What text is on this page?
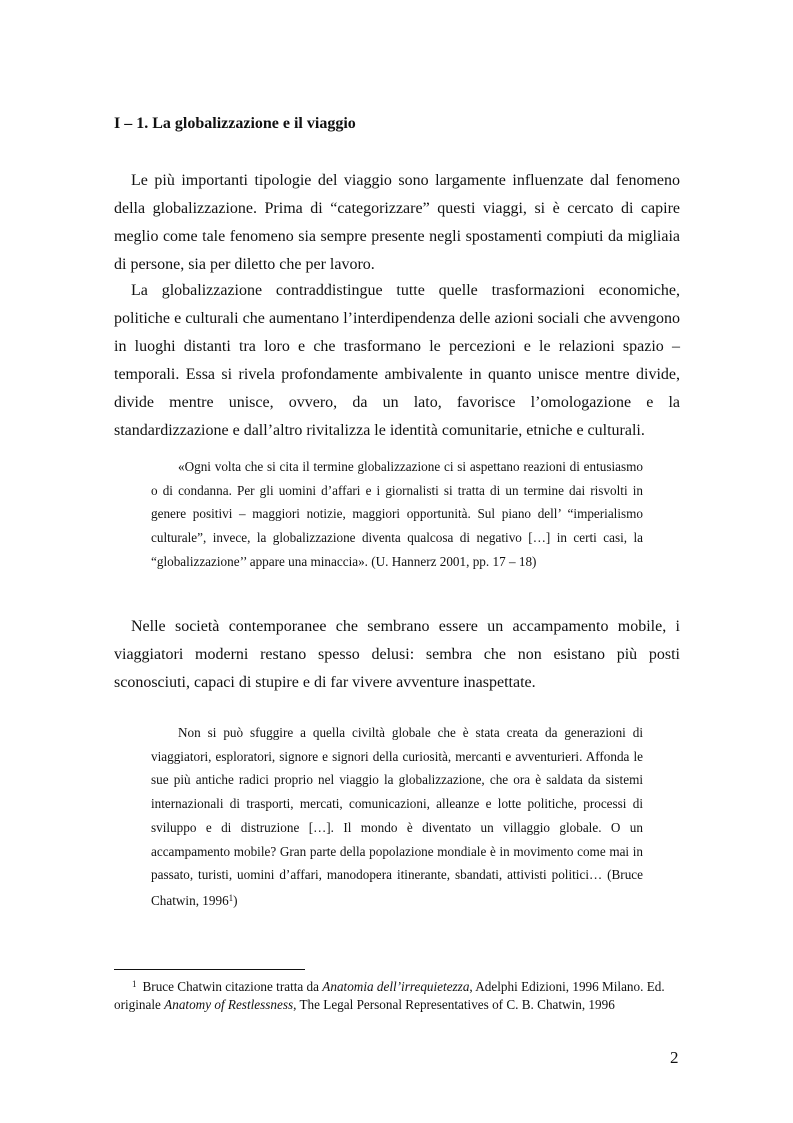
I – 1. La globalizzazione e il viaggio

Le più importanti tipologie del viaggio sono largamente influenzate dal fenomeno della globalizzazione. Prima di “categorizzare” questi viaggi, si è cercato di capire meglio come tale fenomeno sia sempre presente negli spostamenti compiuti da migliaia di persone, sia per diletto che per lavoro.

La globalizzazione contraddistingue tutte quelle trasformazioni economiche, politiche e culturali che aumentano l’interdipendenza delle azioni sociali che avvengono in luoghi distanti tra loro e che trasformano le percezioni e le relazioni spazio – temporali. Essa si rivela profondamente ambivalente in quanto unisce mentre divide, divide mentre unisce, ovvero, da un lato, favorisce l’omologazione e la standardizzazione e dall’altro rivitalizza le identità comunitarie, etniche e culturali.

«Ogni volta che si cita il termine globalizzazione ci si aspettano reazioni di entusiasmo o di condanna. Per gli uomini d’affari e i giornalisti si tratta di un termine dai risvolti in genere positivi – maggiori notizie, maggiori opportunità. Sul piano dell’ “imperialismo culturale”, invece, la globalizzazione diventa qualcosa di negativo […] in certi casi, la “globalizzazione’’ appare una minaccia». (U. Hannerz 2001, pp. 17 – 18)

Nelle società contemporanee che sembrano essere un accampamento mobile, i viaggiatori moderni restano spesso delusi: sembra che non esistano più posti sconosciuti, capaci di stupire e di far vivere avventure inaspettate.

Non si può sfuggire a quella civiltà globale che è stata creata da generazioni di viaggiatori, esploratori, signore e signori della curiosità, mercanti e avventurieri. Affonda le sue più antiche radici proprio nel viaggio la globalizzazione, che ora è saldata da sistemi internazionali di trasporti, mercati, comunicazioni, alleanze e lotte politiche, processi di sviluppo e di distruzione […]. Il mondo è diventato un villaggio globale. O un accampamento mobile? Gran parte della popolazione mondiale è in movimento come mai in passato, turisti, uomini d’affari, manodopera itinerante, sbandati, attivisti politici… (Bruce Chatwin, 1996$^1$)

$^1$ Bruce Chatwin citazione tratta da Anatomia dell’irrequietezza, Adelphi Edizioni, 1996 Milano. Ed. originale Anatomy of Restlessness, The Legal Personal Representatives of C. B. Chatwin, 1996

2
